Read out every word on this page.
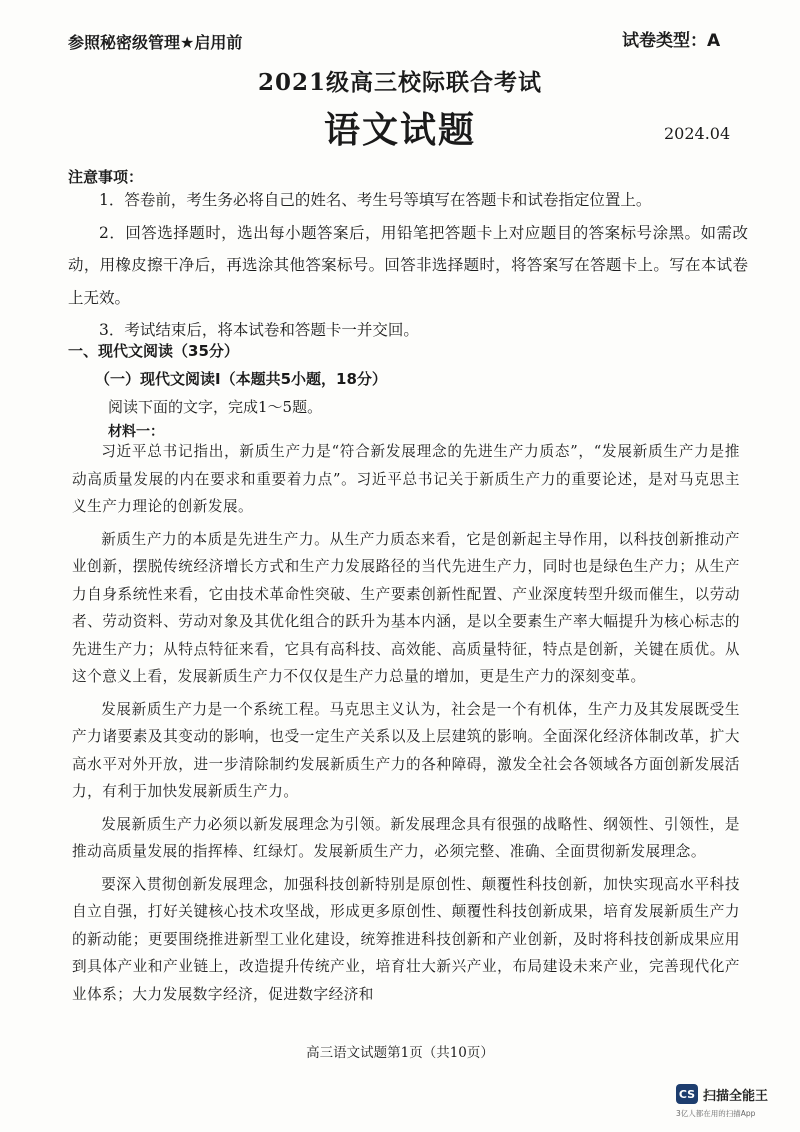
参照秘密级管理★启用前	试卷类型：A
2021级高三校际联合考试
语文试题	2024.04
注意事项：

1．答卷前，考生务必将自己的姓名、考生号等填写在答题卡和试卷指定位置上。

2．回答选择题时，选出每小题答案后，用铅笔把答题卡上对应题目的答案标号涂黑。如需改动，用橡皮擦干净后，再选涂其他答案标号。回答非选择题时，将答案写在答题卡上。写在本试卷上无效。

3．考试结束后，将本试卷和答题卡一并交回。

一、现代文阅读（35分）
（一）现代文阅读Ⅰ（本题共5小题，18分）
阅读下面的文字，完成1～5题。
材料一：

习近平总书记指出，新质生产力是“符合新发展理念的先进生产力质态”，“发展新质生产力是推动高质量发展的内在要求和重要着力点”。习近平总书记关于新质生产力的重要论述，是对马克思主义生产力理论的创新发展。

新质生产力的本质是先进生产力。从生产力质态来看，它是创新起主导作用，以科技创新推动产业创新，摆脱传统经济增长方式和生产力发展路径的当代先进生产力，同时也是绿色生产力；从生产力自身系统性来看，它由技术革命性突破、生产要素创新性配置、产业深度转型升级而催生，以劳动者、劳动资料、劳动对象及其优化组合的跃升为基本内涵，是以全要素生产率大幅提升为核心标志的先进生产力；从特点特征来看，它具有高科技、高效能、高质量特征，特点是创新，关键在质优。从这个意义上看，发展新质生产力不仅仅是生产力总量的增加，更是生产力的深刻变革。

发展新质生产力是一个系统工程。马克思主义认为，社会是一个有机体，生产力及其发展既受生产力诸要素及其变动的影响，也受一定生产关系以及上层建筑的影响。全面深化经济体制改革，扩大高水平对外开放，进一步清除制约发展新质生产力的各种障碍，激发全社会各领域各方面创新发展活力，有利于加快发展新质生产力。

发展新质生产力必须以新发展理念为引领。新发展理念具有很强的战略性、纲领性、引领性，是推动高质量发展的指挥棒、红绿灯。发展新质生产力，必须完整、准确、全面贯彻新发展理念。

要深入贯彻创新发展理念，加强科技创新特别是原创性、颠覆性科技创新，加快实现高水平科技自立自强，打好关键核心技术攻坚战，形成更多原创性、颠覆性科技创新成果，培育发展新质生产力的新动能；更要围绕推进新型工业化建设，统筹推进科技创新和产业创新，及时将科技创新成果应用到具体产业和产业链上，改造提升传统产业，培育壮大新兴产业，布局建设未来产业，完善现代化产业体系；大力发展数字经济，促进数字经济和

高三语文试题第1页（共10页）
CS 扫描全能王
3亿人都在用的扫描App
